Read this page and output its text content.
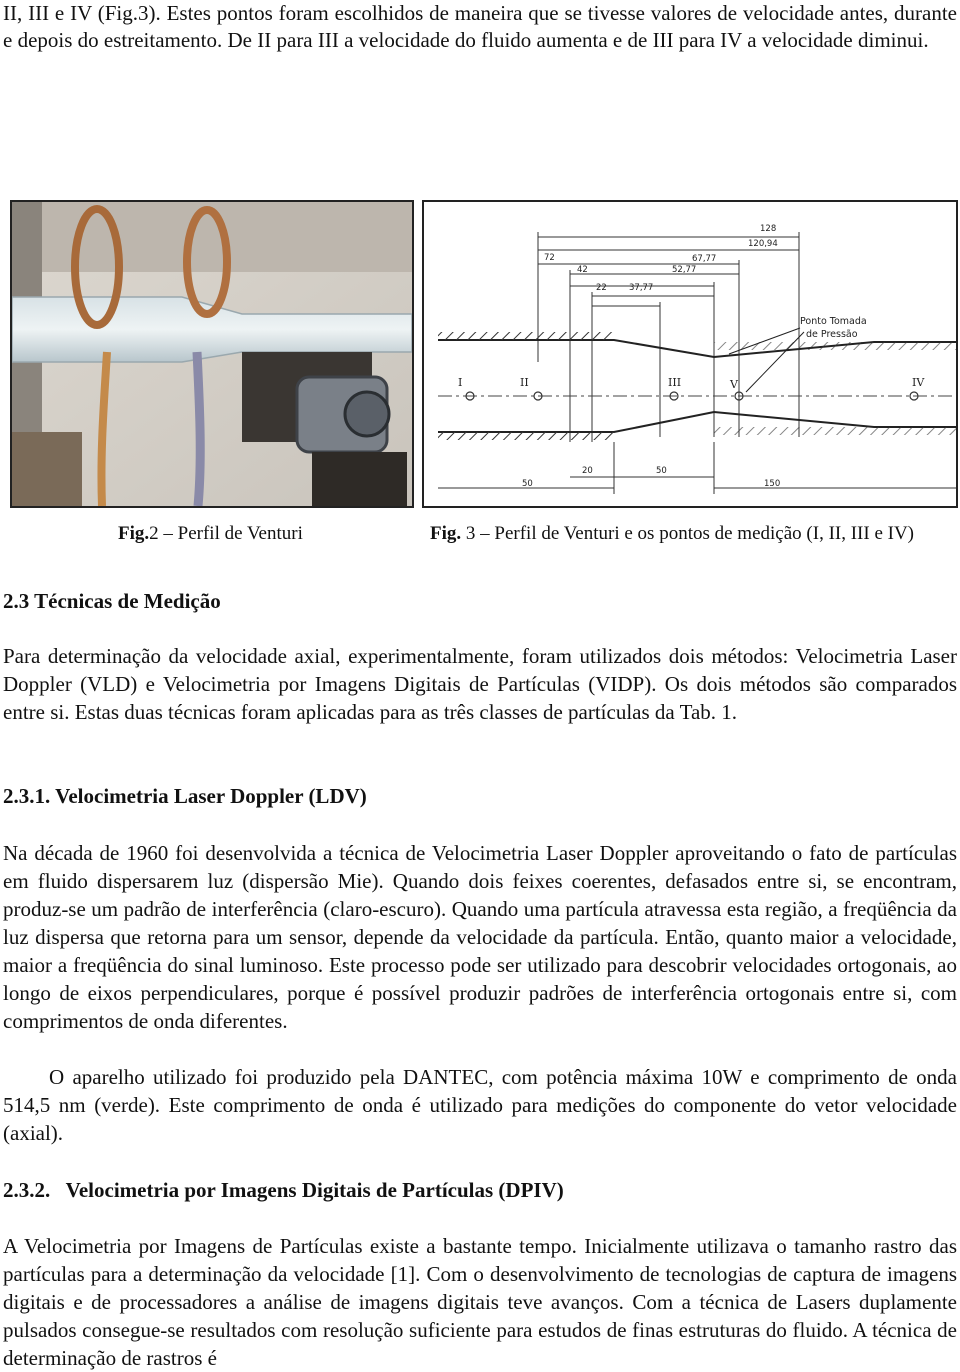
II, III e IV (Fig.3). Estes pontos foram escolhidos de maneira que se tivesse valores de velocidade antes, durante e depois do estreitamento. De II para III a velocidade do fluido aumenta e de III para IV a velocidade diminui.

128
120,94
72	67,77
42	52,77
22	37,77
I	II	III	V	IV
Ponto Tomada
de Pressão
20
50
50
150
Fig.2 – Perfil de Venturi	Fig. 3 – Perfil de Venturi e os pontos de medição (I, II, III e IV)
2.3 Técnicas de Medição

Para determinação da velocidade axial, experimentalmente, foram utilizados dois métodos: Velocimetria Laser Doppler (VLD) e Velocimetria por Imagens Digitais de Partículas (VIDP). Os dois métodos são comparados entre si. Estas duas técnicas foram aplicadas para as três classes de partículas da Tab. 1.

2.3.1. Velocimetria Laser Doppler (LDV)

Na década de 1960 foi desenvolvida a técnica de Velocimetria Laser Doppler aproveitando o fato de partículas em fluido dispersarem luz (dispersão Mie). Quando dois feixes coerentes, defasados entre si, se encontram, produz-se um padrão de interferência (claro-escuro). Quando uma partícula atravessa esta região, a freqüência da luz dispersa que retorna para um sensor, depende da velocidade da partícula. Então, quanto maior a velocidade, maior a freqüência do sinal luminoso. Este processo pode ser utilizado para descobrir velocidades ortogonais, ao longo de eixos perpendiculares, porque é possível produzir padrões de interferência ortogonais entre si, com comprimentos de onda diferentes.

O aparelho utilizado foi produzido pela DANTEC, com potência máxima 10W e comprimento de onda 514,5 nm (verde). Este comprimento de onda é utilizado para medições do componente do vetor velocidade (axial).

2.3.2.   Velocimetria por Imagens Digitais de Partículas (DPIV)

A Velocimetria por Imagens de Partículas existe a bastante tempo. Inicialmente utilizava o tamanho rastro das partículas para a determinação da velocidade [1]. Com o desenvolvimento de tecnologias de captura de imagens digitais e de processadores a análise de imagens digitais teve avanços. Com a técnica de Lasers duplamente pulsados consegue-se resultados com resolução suficiente para estudos de finas estruturas do fluido. A técnica de determinação de rastros é
